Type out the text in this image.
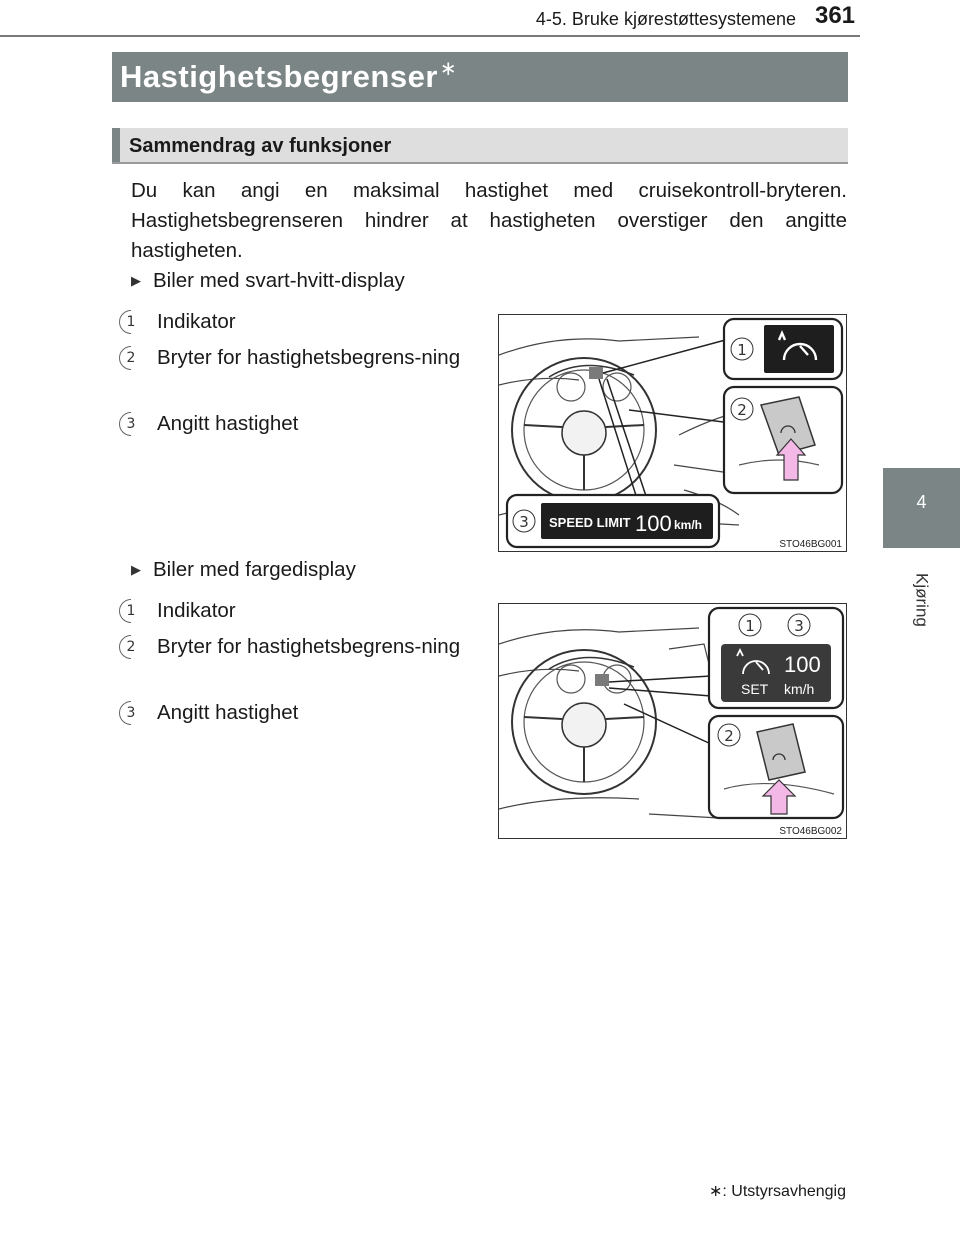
4-5. Bruke kjørestøttesystemene 361
4
Kjøring
Hastighetsbegrenser ∗
Sammendrag av funksjoner

Du kan angi en maksimal hastighet med cruisekontroll-bryteren. Hastighetsbegrenseren hindrer at hastigheten overstiger den angitte hastigheten.

▶ Biler med svart-hvitt-display
1	Indikator
2	Bryter for hastighetsbegrens-ning
3	Angitt hastighet
1
2
3 SPEED LIMIT 100 km/h
STO46BG001
▶ Biler med fargedisplay
1	Indikator
2	Bryter for hastighetsbegrens-ning
3	Angitt hastighet
1	3
SET
100
km/h
2
STO46BG002
∗: Utstyrsavhengig
